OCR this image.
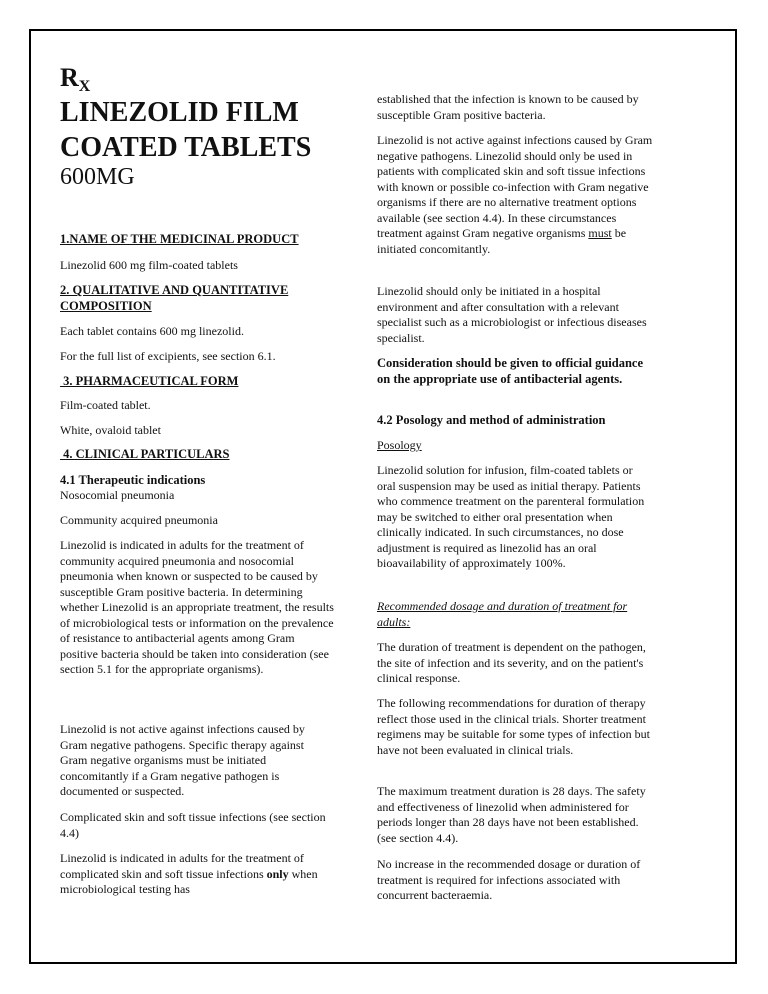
$R_X$
LINEZOLID FILM
COATED TABLETS
600MG
1.NAME OF THE MEDICINAL PRODUCT
Linezolid 600 mg film-coated tablets
2. QUALITATIVE AND QUANTITATIVE COMPOSITION
Each tablet contains 600 mg linezolid.
For the full list of excipients, see section 6.1.
3. PHARMACEUTICAL FORM
Film-coated tablet.
White, ovaloid tablet
4. CLINICAL PARTICULARS
4.1 Therapeutic indications
Nosocomial pneumonia
Community acquired pneumonia
Linezolid is indicated in adults for the treatment of community acquired pneumonia and nosocomial pneumonia when known or suspected to be caused by susceptible Gram positive bacteria. In determining whether Linezolid is an appropriate treatment, the results of microbiological tests or information on the prevalence of resistance to antibacterial agents among Gram positive bacteria should be taken into consideration (see section 5.1 for the appropriate organisms).
Linezolid is not active against infections caused by Gram negative pathogens. Specific therapy against Gram negative organisms must be initiated concomitantly if a Gram negative pathogen is documented or suspected.
Complicated skin and soft tissue infections (see section 4.4)
Linezolid is indicated in adults for the treatment of complicated skin and soft tissue infections only when microbiological testing has
established that the infection is known to be caused by susceptible Gram positive bacteria.
Linezolid is not active against infections caused by Gram negative pathogens. Linezolid should only be used in patients with complicated skin and soft tissue infections with known or possible co-infection with Gram negative organisms if there are no alternative treatment options available (see section 4.4). In these circumstances treatment against Gram negative organisms must be initiated concomitantly.
Linezolid should only be initiated in a hospital environment and after consultation with a relevant specialist such as a microbiologist or infectious diseases specialist.
Consideration should be given to official guidance on the appropriate use of antibacterial agents.
4.2 Posology and method of administration
Posology
Linezolid solution for infusion, film-coated tablets or oral suspension may be used as initial therapy. Patients who commence treatment on the parenteral formulation may be switched to either oral presentation when clinically indicated. In such circumstances, no dose adjustment is required as linezolid has an oral bioavailability of approximately 100%.
Recommended dosage and duration of treatment for adults:
The duration of treatment is dependent on the pathogen, the site of infection and its severity, and on the patient's clinical response.
The following recommendations for duration of therapy reflect those used in the clinical trials. Shorter treatment regimens may be suitable for some types of infection but have not been evaluated in clinical trials.
The maximum treatment duration is 28 days. The safety and effectiveness of linezolid when administered for periods longer than 28 days have not been established. (see section 4.4).
No increase in the recommended dosage or duration of treatment is required for infections associated with concurrent bacteraemia.
